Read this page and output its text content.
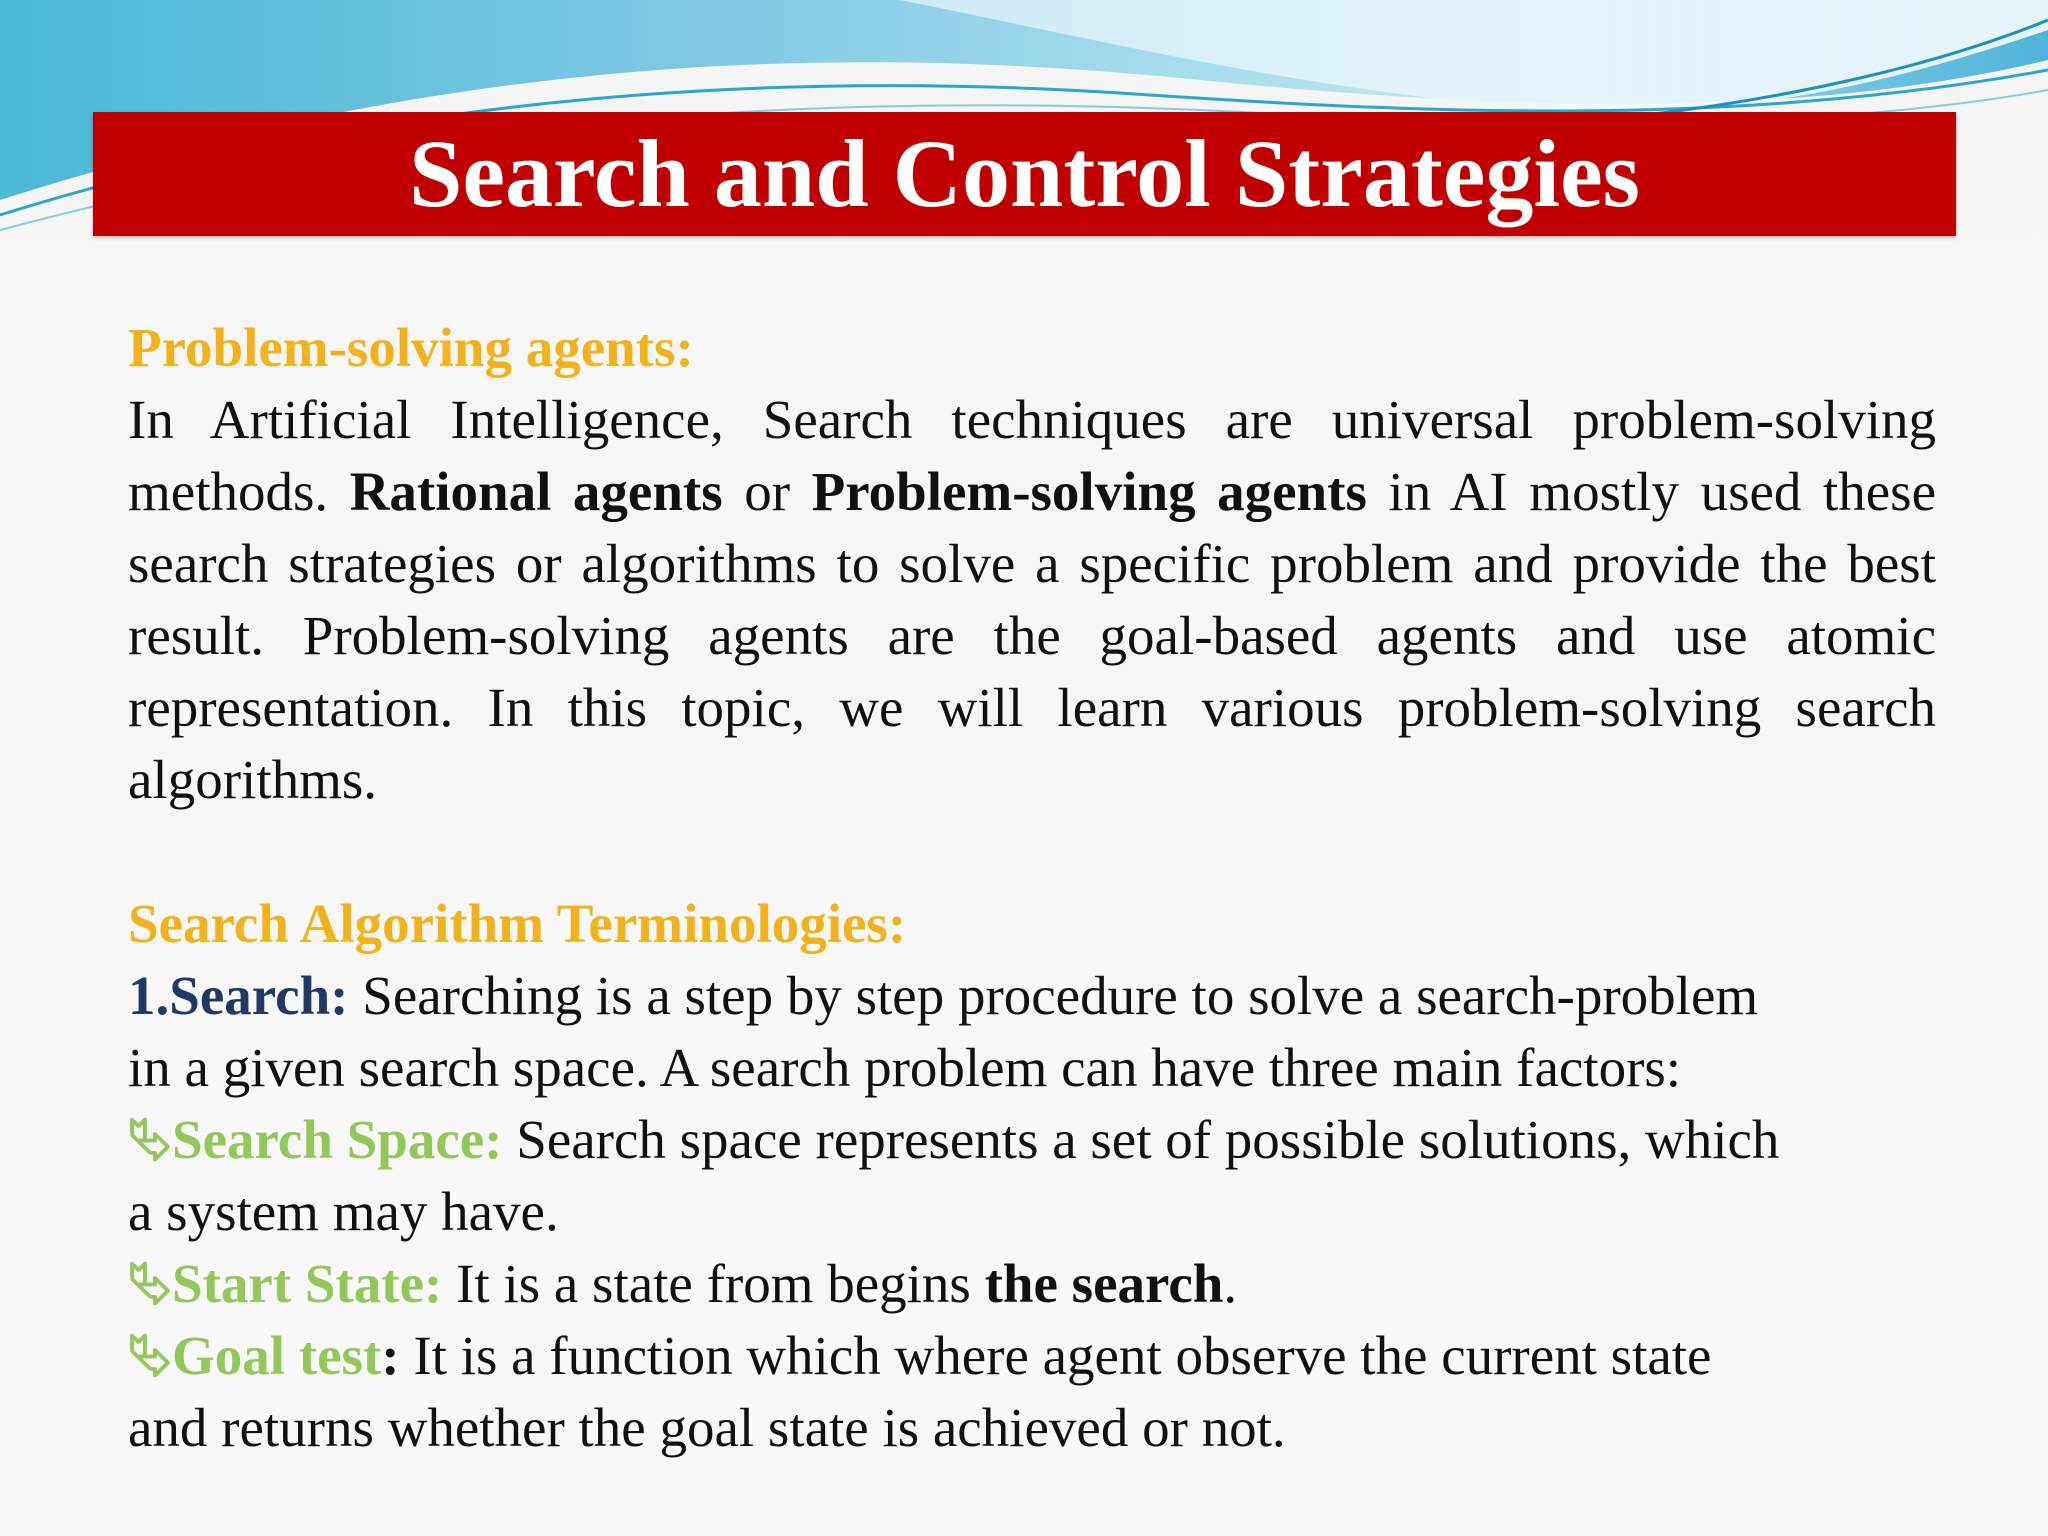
Search and Control Strategies

Problem-solving agents:

In Artificial Intelligence, Search techniques are universal problem-solving methods. Rational agents or Problem-solving agents in AI mostly used these search strategies or algorithms to solve a specific problem and provide the best result. Problem-solving agents are the goal-based agents and use atomic representation. In this topic, we will learn various problem-solving search algorithms.

Search Algorithm Terminologies:

1.Search: Searching is a step by step procedure to solve a search-problem

in a given search space. A search problem can have three main factors:

⮱Search Space: Search space represents a set of possible solutions, which

a system may have.

⮱Start State: It is a state from begins the search.

⮱Goal test: It is a function which where agent observe the current state

and returns whether the goal state is achieved or not.
